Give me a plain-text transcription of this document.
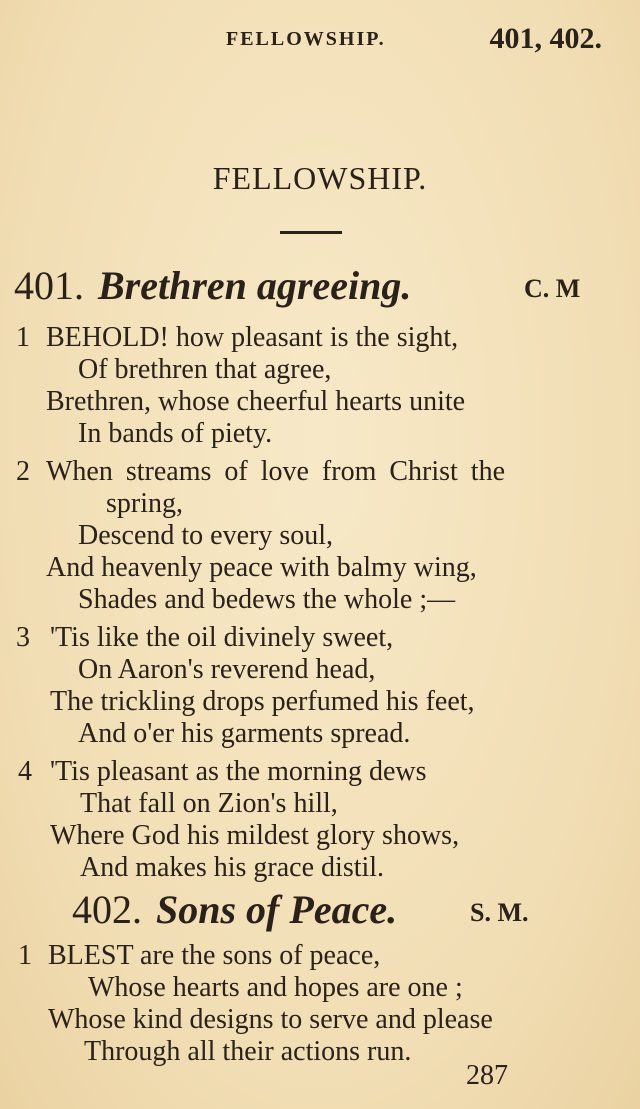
FELLOWSHIP.	401, 402.
FELLOWSHIP.
401. Brethren agreeing.	C. M
1 BEHOLD! how pleasant is the sight,
Of brethren that agree,
Brethren, whose cheerful hearts unite
In bands of piety.
2 When streams of love from Christ the
spring,
Descend to every soul,
And heavenly peace with balmy wing,
Shades and bedews the whole ;—
3 'Tis like the oil divinely sweet,
On Aaron's reverend head,
The trickling drops perfumed his feet,
And o'er his garments spread.
4 'Tis pleasant as the morning dews
That fall on Zion's hill,
Where God his mildest glory shows,
And makes his grace distil.
402. Sons of Peace.	S. M.
1 BLEST are the sons of peace,
Whose hearts and hopes are one ;
Whose kind designs to serve and please
Through all their actions run.
287
